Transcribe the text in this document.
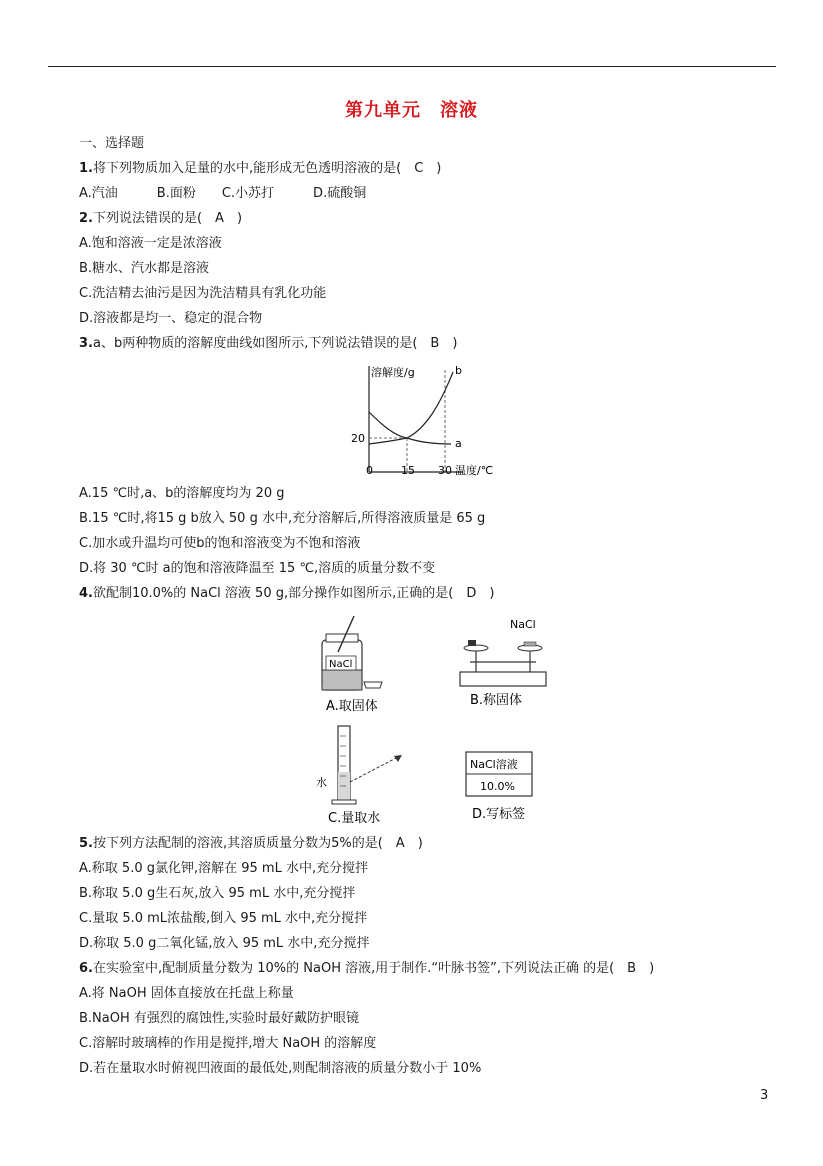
第九单元　溶液
一、选择题
1.将下列物质加入足量的水中,能形成无色透明溶液的是(　C　)
A.汽油　　　B.面粉　　C.小苏打　　　D.硫酸铜
2.下列说法错误的是(　A　)
A.饱和溶液一定是浓溶液
B.糖水、汽水都是溶液
C.洗洁精去油污是因为洗洁精具有乳化功能
D.溶液都是均一、稳定的混合物
3.a、b两种物质的溶解度曲线如图所示,下列说法错误的是(　B　)
溶解度/g	b
a
20
0	15 30 温度/℃
A.15 ℃时,a、b的溶解度均为 20 g
B.15 ℃时,将15 g b放入 50 g 水中,充分溶解后,所得溶液质量是 65 g
C.加水或升温均可使b的饱和溶液变为不饱和溶液
D.将 30 ℃时 a的饱和溶液降温至 15 ℃,溶质的质量分数不变
4.欲配制10.0%的 NaCl 溶液 50 g,部分操作如图所示,正确的是(　D　)
NaCl
A.取固体
NaCl
B.称固体
水
C.量取水
NaCl溶液
10.0%
D.写标签
5.按下列方法配制的溶液,其溶质质量分数为5%的是(　A　)
A.称取 5.0 g氯化钾,溶解在 95 mL 水中,充分搅拌
B.称取 5.0 g生石灰,放入 95 mL 水中,充分搅拌
C.量取 5.0 mL浓盐酸,倒入 95 mL 水中,充分搅拌
D.称取 5.0 g二氧化锰,放入 95 mL 水中,充分搅拌
6.在实验室中,配制质量分数为 10%的 NaOH 溶液,用于制作.“叶脉书签”,下列说法正确 的是(　B　)
A.将 NaOH 固体直接放在托盘上称量
B.NaOH 有强烈的腐蚀性,实验时最好戴防护眼镜
C.溶解时玻璃棒的作用是搅拌,增大 NaOH 的溶解度
D.若在量取水时俯视凹液面的最低处,则配制溶液的质量分数小于 10%
3
